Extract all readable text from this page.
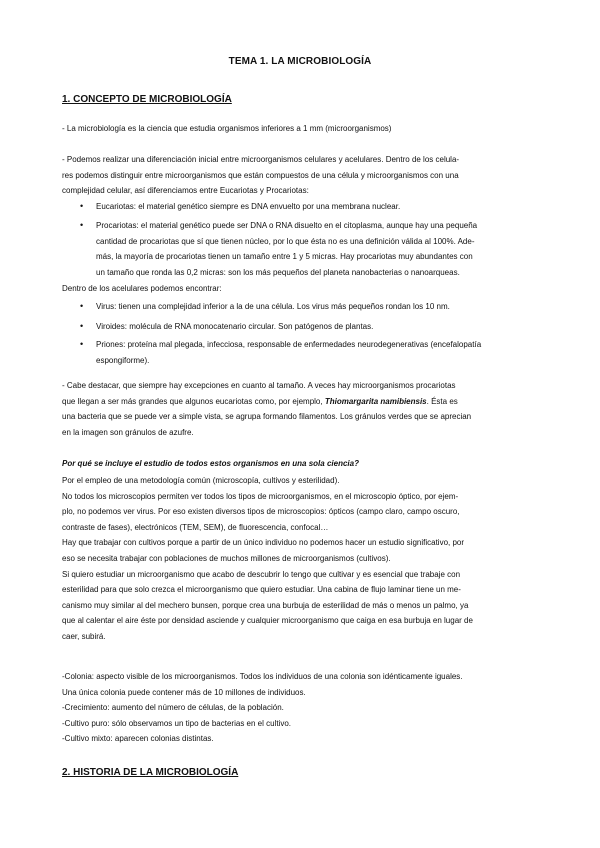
TEMA 1. LA MICROBIOLOGÍA
1. CONCEPTO DE MICROBIOLOGÍA
- La microbiología es la ciencia que estudia organismos inferiores a 1 mm (microorganismos)
- Podemos realizar una diferenciación inicial entre microorganismos celulares y acelulares. Dentro de los celula-
res podemos distinguir entre microorganismos que están compuestos de una célula y microorganismos con una
complejidad celular, así diferenciamos entre Eucariotas y Procariotas:
• Eucariotas: el material genético siempre es DNA envuelto por una membrana nuclear.
• Procariotas: el material genético puede ser DNA o RNA disuelto en el citoplasma, aunque hay una pequeña
cantidad de procariotas que sí que tienen núcleo, por lo que ésta no es una definición válida al 100%. Ade-
más, la mayoría de procariotas tienen un tamaño entre 1 y 5 micras. Hay procariotas muy abundantes con
un tamaño que ronda las 0,2 micras: son los más pequeños del planeta nanobacterias o nanoarqueas.
Dentro de los acelulares podemos encontrar:
• Virus: tienen una complejidad inferior a la de una célula. Los virus más pequeños rondan los 10 nm.
• Viroides: molécula de RNA monocatenario circular. Son patógenos de plantas.
• Priones: proteína mal plegada, infecciosa, responsable de enfermedades neurodegenerativas (encefalopatía
espongiforme).
- Cabe destacar, que siempre hay excepciones en cuanto al tamaño. A veces hay microorganismos procariotas
que llegan a ser más grandes que algunos eucariotas como, por ejemplo, Thiomargarita namibiensis. Ésta es
una bacteria que se puede ver a simple vista, se agrupa formando filamentos. Los gránulos verdes que se aprecian
en la imagen son gránulos de azufre.
Por qué se incluye el estudio de todos estos organismos en una sola ciencia?
Por el empleo de una metodología común (microscopía, cultivos y esterilidad).
No todos los microscopios permiten ver todos los tipos de microorganismos, en el microscopio óptico, por ejem-
plo, no podemos ver virus. Por eso existen diversos tipos de microscopios: ópticos (campo claro, campo oscuro,
contraste de fases), electrónicos (TEM, SEM), de fluorescencia, confocal…
Hay que trabajar con cultivos porque a partir de un único individuo no podemos hacer un estudio significativo, por
eso se necesita trabajar con poblaciones de muchos millones de microorganismos (cultivos).
Si quiero estudiar un microorganismo que acabo de descubrir lo tengo que cultivar y es esencial que trabaje con
esterilidad para que solo crezca el microorganismo que quiero estudiar. Una cabina de flujo laminar tiene un me-
canismo muy similar al del mechero bunsen, porque crea una burbuja de esterilidad de más o menos un palmo, ya
que al calentar el aire éste por densidad asciende y cualquier microorganismo que caiga en esa burbuja en lugar de
caer, subirá.
-Colonia: aspecto visible de los microorganismos. Todos los individuos de una colonia son idénticamente iguales.
Una única colonia puede contener más de 10 millones de individuos.
-Crecimiento: aumento del número de células, de la población.
-Cultivo puro: sólo observamos un tipo de bacterias en el cultivo.
-Cultivo mixto: aparecen colonias distintas.
2. HISTORIA DE LA MICROBIOLOGÍA
